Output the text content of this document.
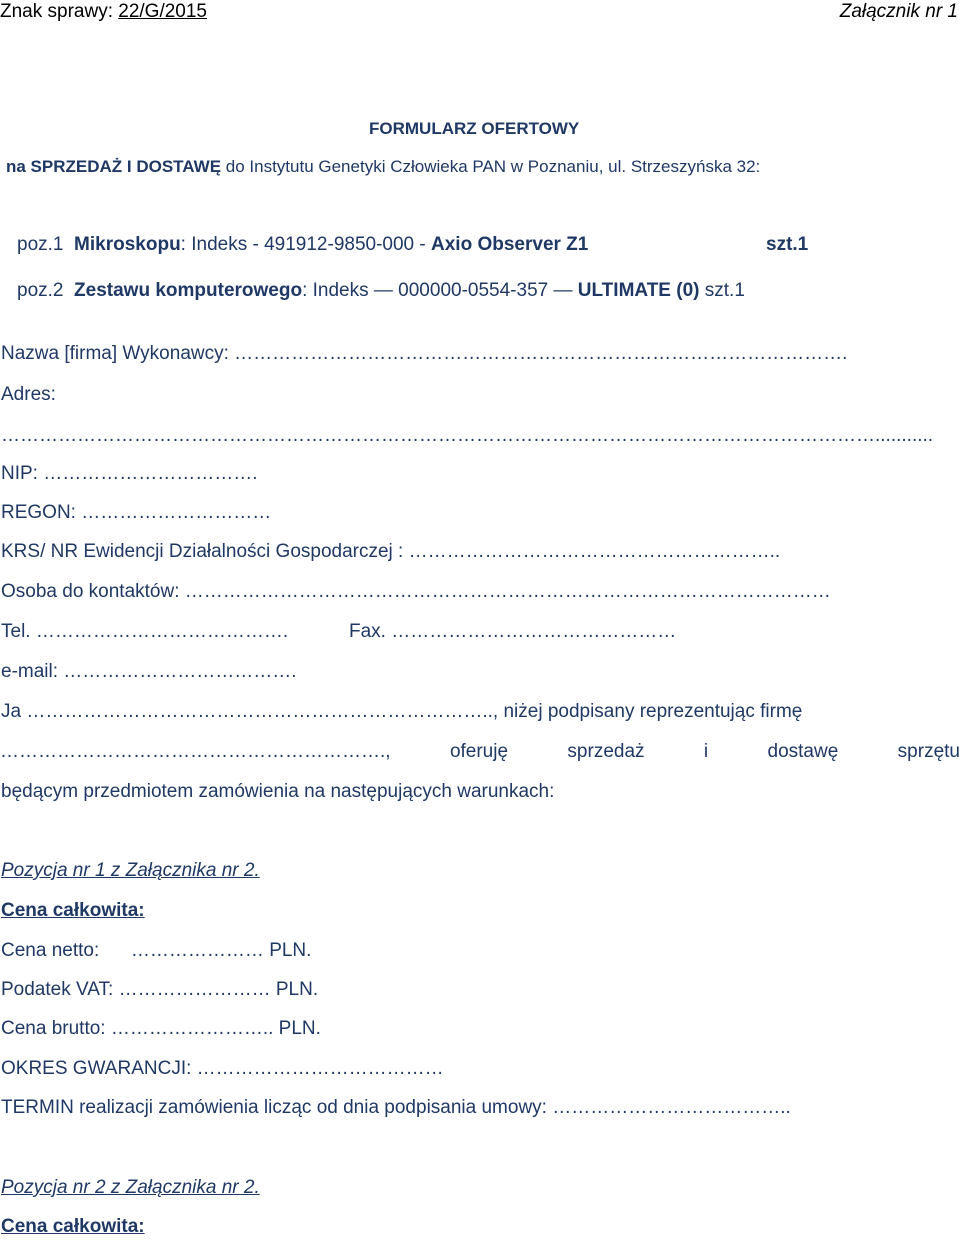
Znak sprawy: 22/G/2015	Załącznik nr 1
FORMULARZ OFERTOWY
na SPRZEDAŻ I DOSTAWĘ do Instytutu Genetyki Człowieka PAN w Poznaniu, ul. Strzeszyńska 32:
poz.1 Mikroskopu: Indeks - 491912-9850-000 - Axio Observer Z1	szt.1
poz.2 Zestawu komputerowego: Indeks — 000000-0554-357 — ULTIMATE (0) szt.1
Nazwa [firma] Wykonawcy: …………………………………………………………………………………….
Adres:
…………………………………………………………………………………………………………………………...........
NIP: …………………………….
REGON: …………………………
KRS/ NR Ewidencji Działalności Gospodarczej : …………………………………………………..
Osoba do kontaktów: …………………………………………………………………………………………
Tel. ………………………………….	Fax. ………………………………………
e-mail: ……………………………….
Ja ……………………………………………………………….., niżej podpisany reprezentując firmę
…………………………………………………….,	oferuję	sprzedaż	i	dostawę	sprzętu
będącym przedmiotem zamówienia na następujących warunkach:
Pozycja nr 1 z Załącznika nr 2.
Cena całkowita:
Cena netto:      ………………… PLN.
Podatek VAT: …………………… PLN.
Cena brutto: …………………….. PLN.
OKRES GWARANCJI: …………………………………
TERMIN realizacji zamówienia licząc od dnia podpisania umowy: ………………………………..
Pozycja nr 2 z Załącznika nr 2.
Cena całkowita:
